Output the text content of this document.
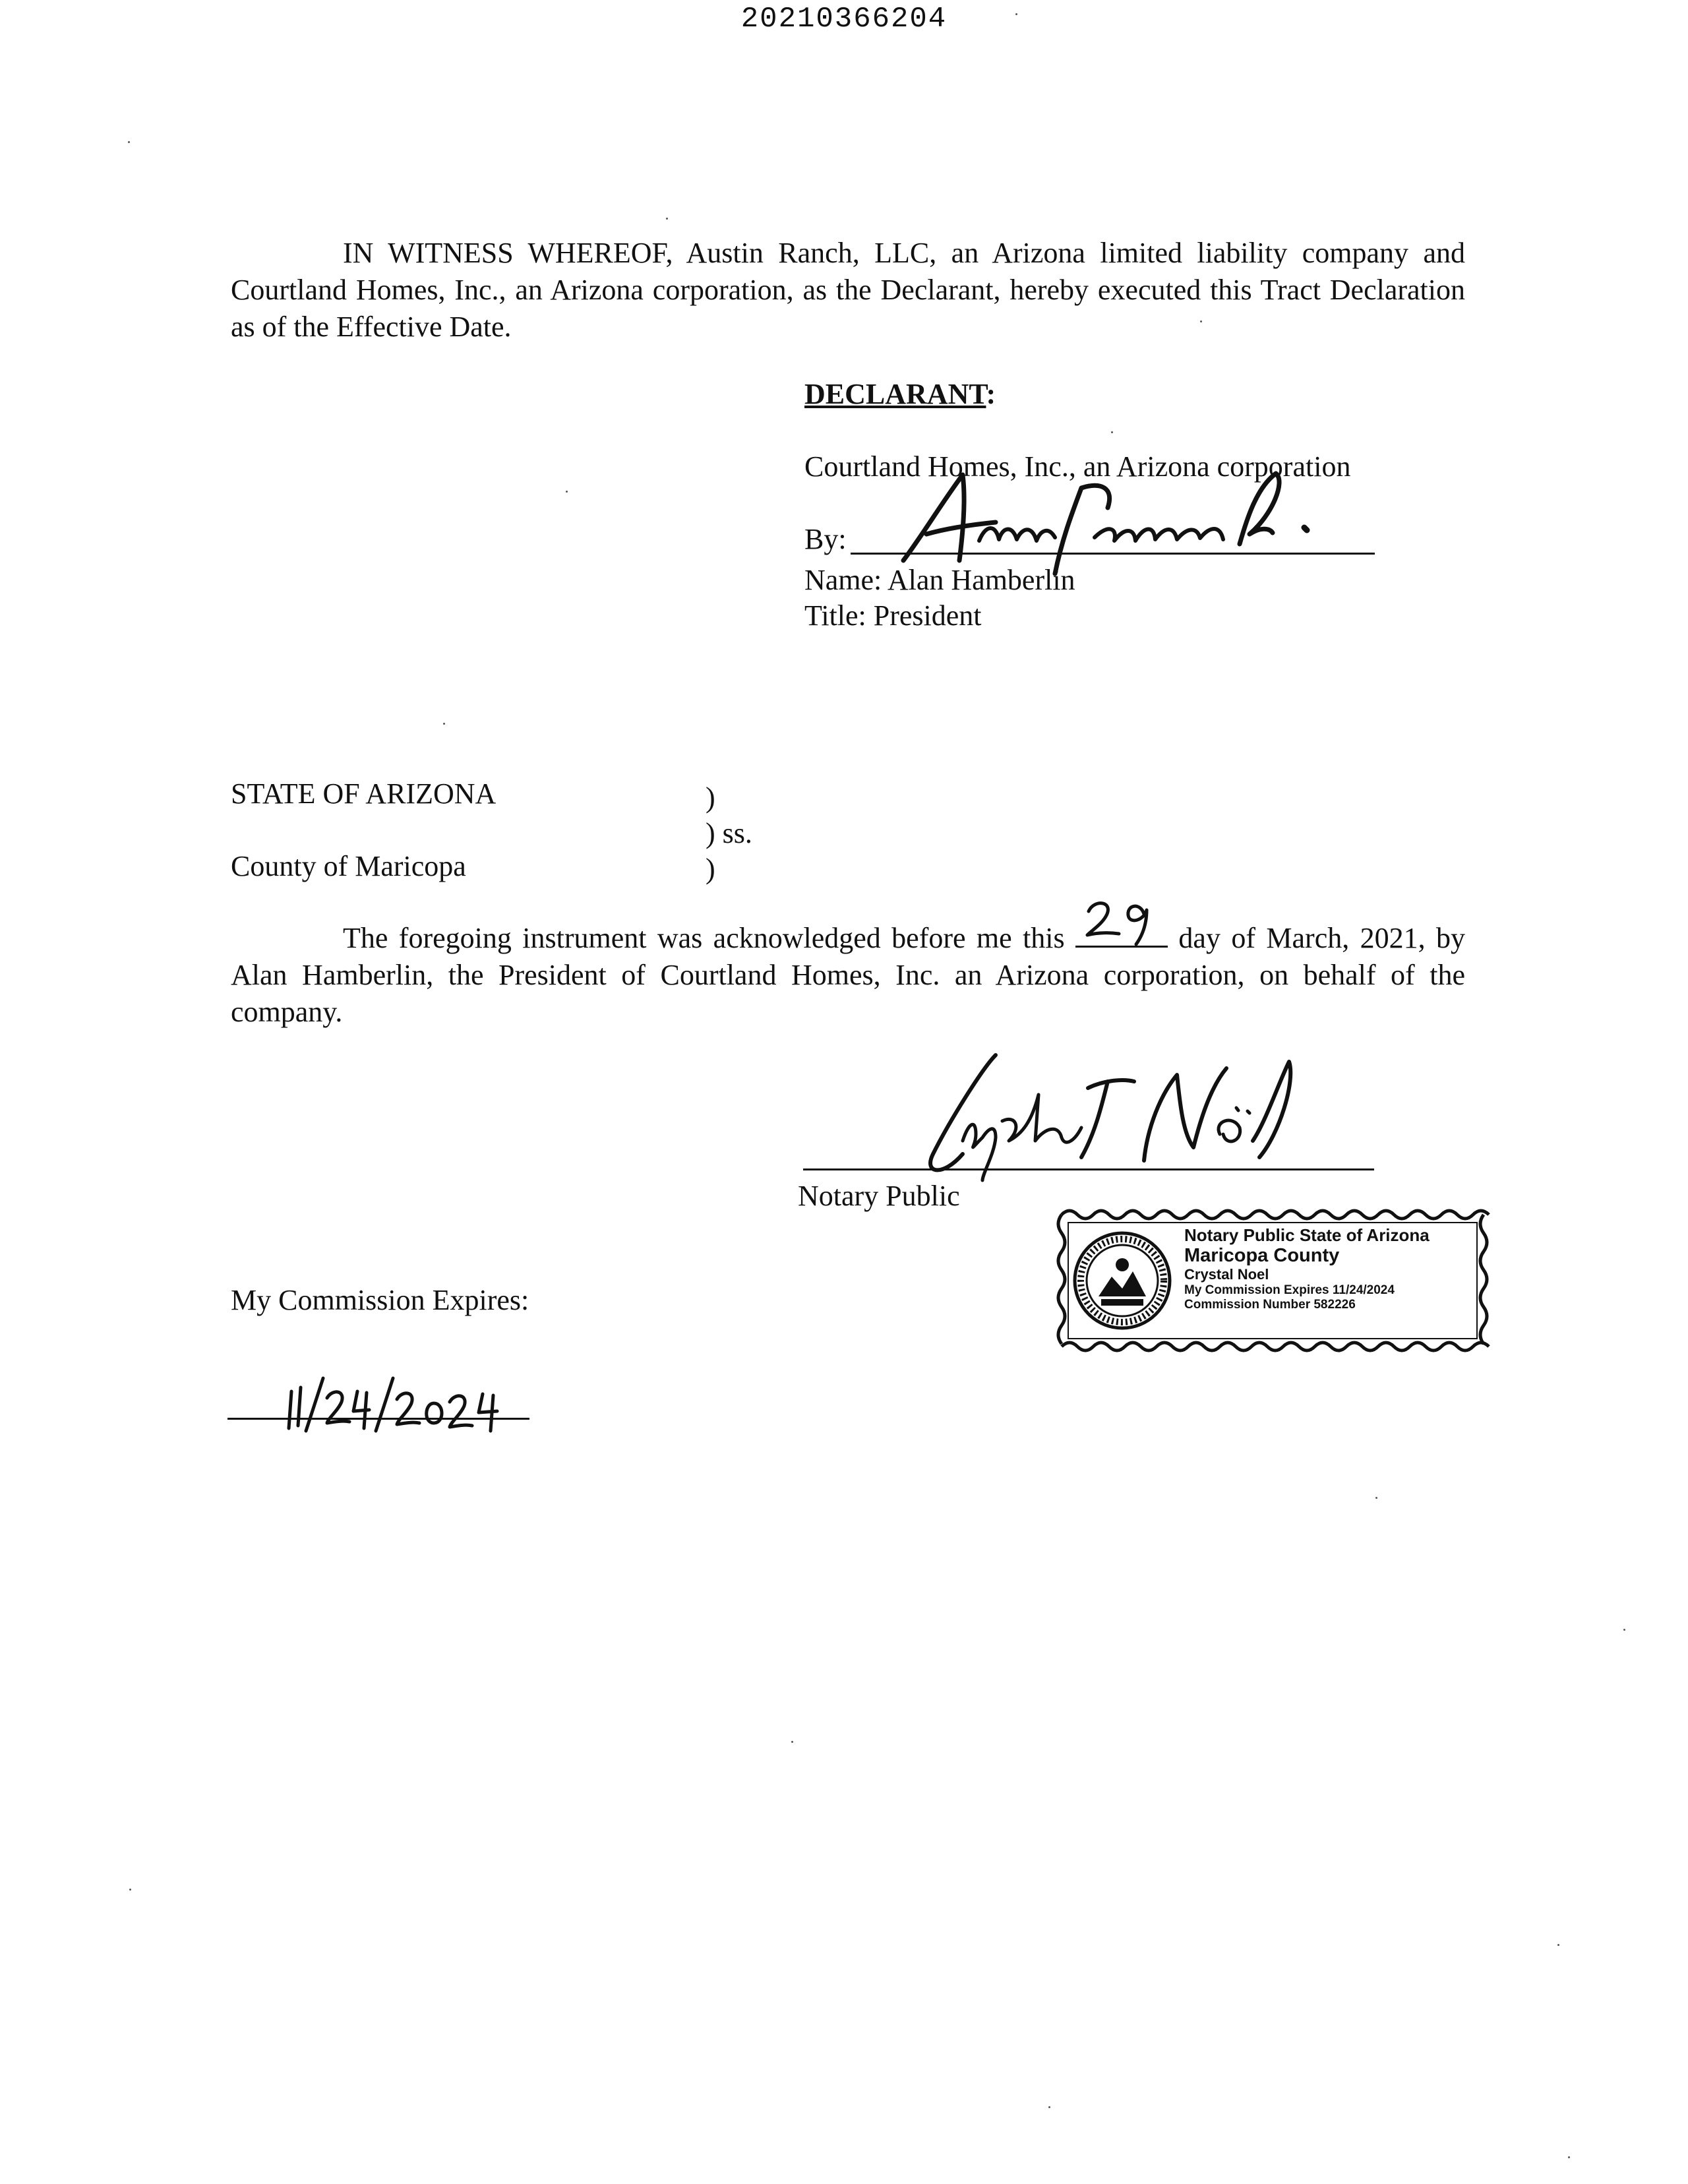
20210366204
IN WITNESS WHEREOF, Austin Ranch, LLC, an Arizona limited liability company and Courtland Homes, Inc., an Arizona corporation, as the Declarant, hereby executed this Tract Declaration as of the Effective Date.
DECLARANT:
Courtland Homes, Inc., an Arizona corporation
By:
Name: Alan Hamberlin
Title: President
STATE OF ARIZONA	)
) ss.
County of Maricopa	)
The foregoing instrument was acknowledged before me this	day of March, 2021, by Alan Hamberlin, the President of Courtland Homes, Inc. an Arizona corporation, on behalf of the company.
Notary Public
Notary Public State of Arizona
Maricopa County
Crystal Noel
My Commission Expires 11/24/2024
Commission Number 582226
My Commission Expires:
